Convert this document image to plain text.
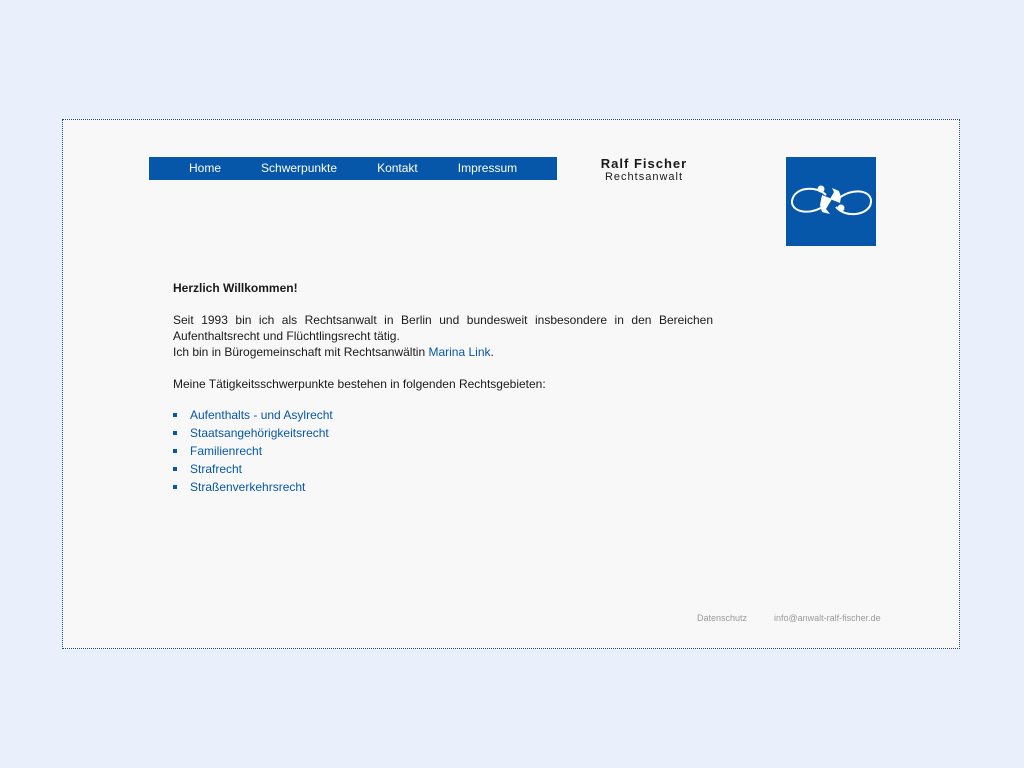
Home	Schwerpunkte	Kontakt	Impressum	Ralf Fischer
Rechtsanwalt
Herzlich Willkommen!

Seit 1993 bin ich als Rechtsanwalt in Berlin und bundesweit insbesondere in den Bereichen Aufenthaltsrecht und Flüchtlingsrecht tätig.

Ich bin in Bürogemeinschaft mit Rechtsanwältin Marina Link.

Meine Tätigkeitsschwerpunkte bestehen in folgenden Rechtsgebieten:

Aufenthalts - und Asylrecht
Staatsangehörigkeitsrecht
Familienrecht
Strafrecht
Straßenverkehrsrecht
Datenschutz	info@anwalt-ralf-fischer.de
